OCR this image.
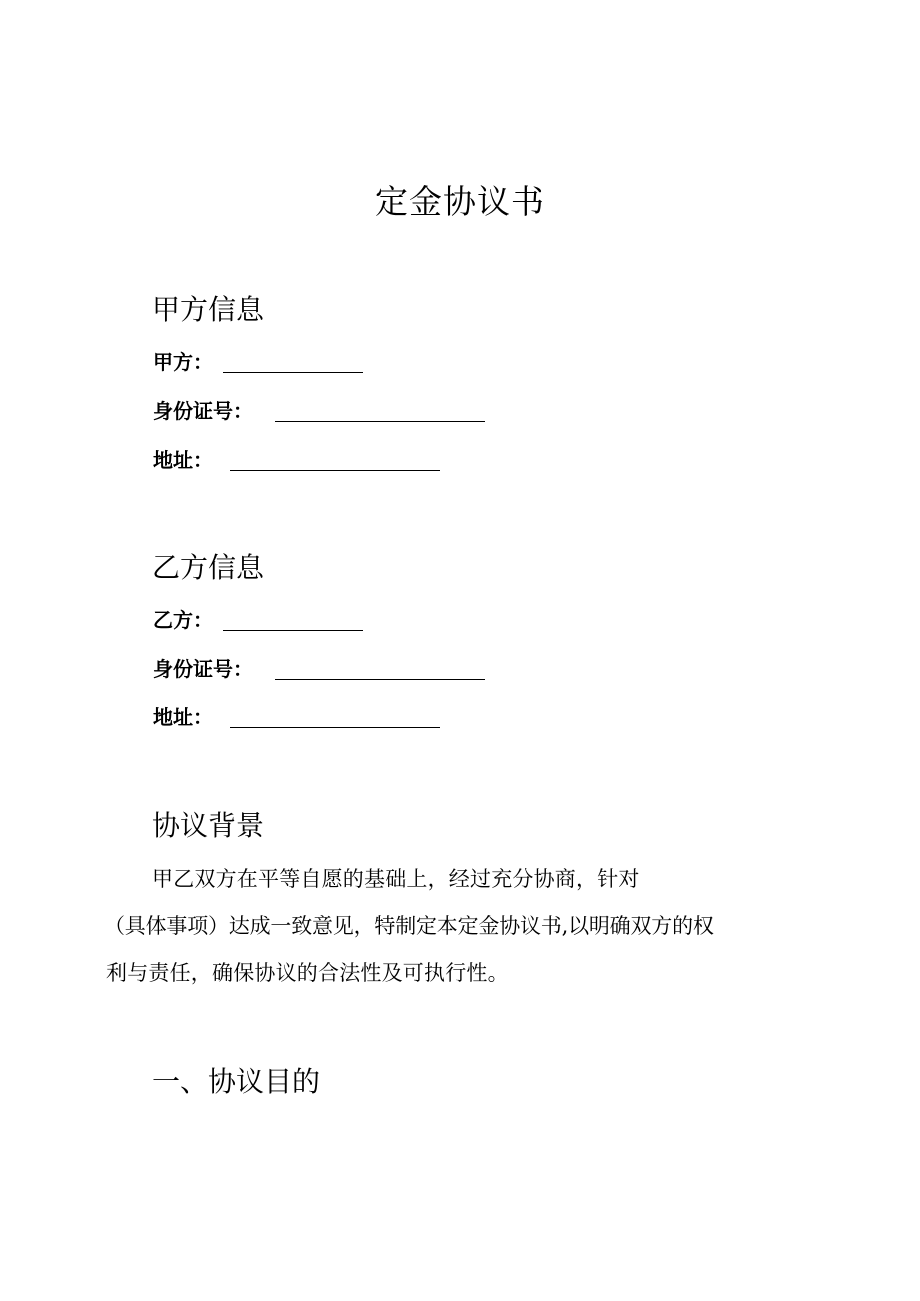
定金协议书
甲方信息
甲方：
身份证号：
地址：
乙方信息
乙方：
身份证号：
地址：
协议背景
甲乙双方在平等自愿的基础上，经过充分协商，针对
（具体事项）达成一致意见，特制定本定金协议书,以明确双方的权
利与责任，确保协议的合法性及可执行性。
一、协议目的
